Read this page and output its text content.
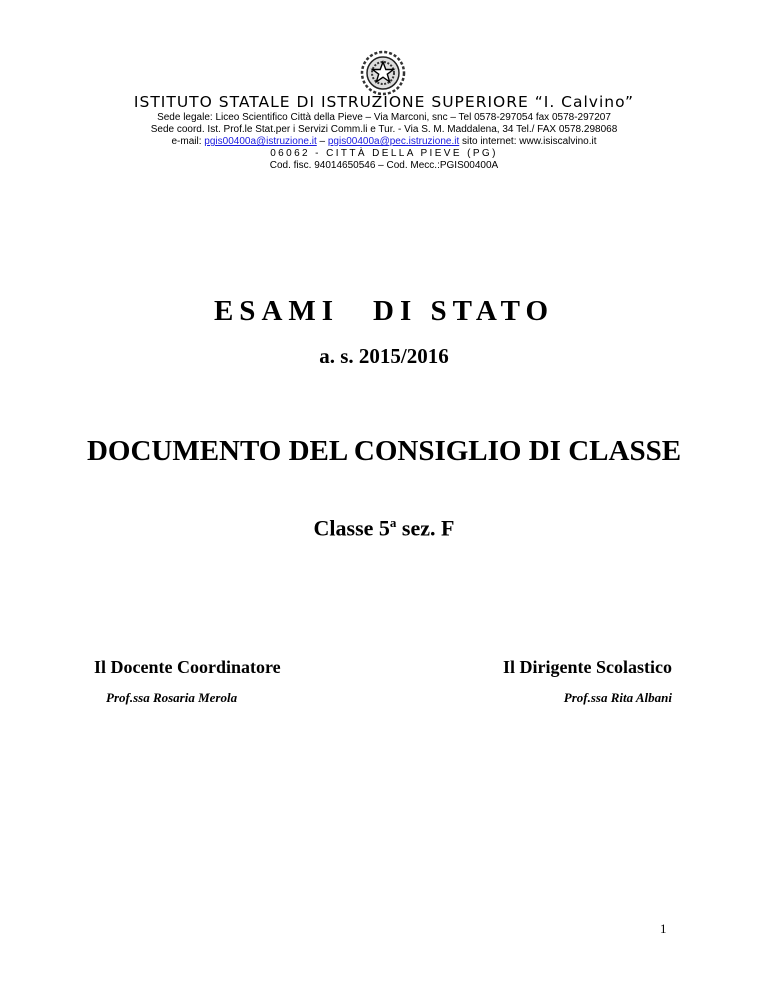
ISTITUTO STATALE DI ISTRUZIONE SUPERIORE “I. Calvino”

Sede legale: Liceo Scientifico Città della Pieve – Via Marconi, snc – Tel 0578-297054 fax 0578-297207

Sede coord. Ist. Prof.le Stat.per i Servizi Comm.li e Tur. - Via S. M. Maddalena, 34 Tel./ FAX 0578.298068

e-mail: pgis00400a@istruzione.it – pgis00400a@pec.istruzione.it sito internet: www.isiscalvino.it

06062 - CITTÀ DELLA PIEVE (PG)

Cod. fisc. 94014650546 – Cod. Mecc.:PGIS00400A

ESAMI DI STATO
a. s. 2015/2016
DOCUMENTO DEL CONSIGLIO DI CLASSE
Classe 5$^a$ sez. F

Il Docente Coordinatore

Prof.ssa Rosaria Merola

Il Dirigente Scolastico

Prof.ssa Rita Albani

1
